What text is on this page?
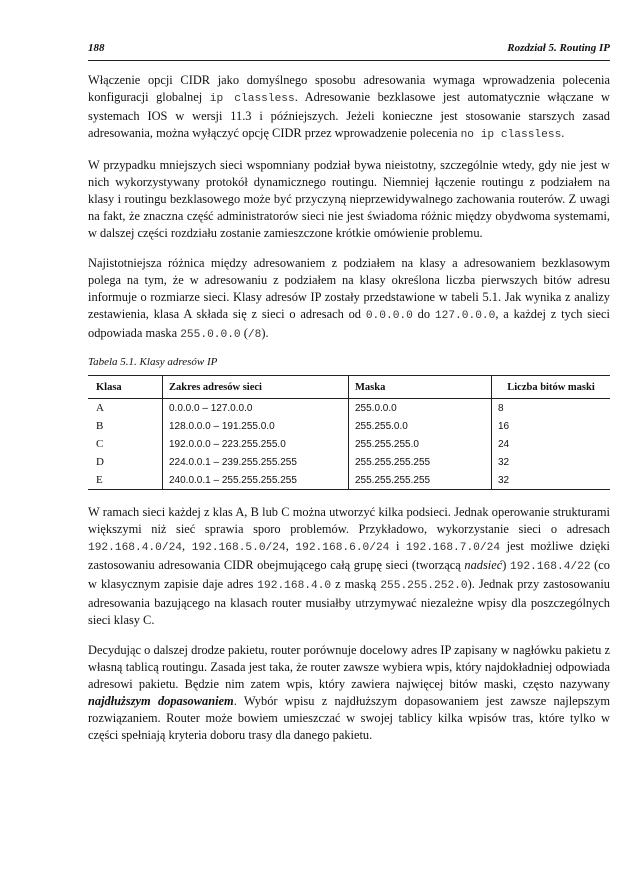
188	Rozdział 5. Routing IP

Włączenie opcji CIDR jako domyślnego sposobu adresowania wymaga wprowadzenia polecenia konfiguracji globalnej ip classless. Adresowanie bezklasowe jest automatycznie włączane w systemach IOS w wersji 11.3 i późniejszych. Jeżeli konieczne jest stosowanie starszych zasad adresowania, można wyłączyć opcję CIDR przez wprowadzenie polecenia no ip classless.

W przypadku mniejszych sieci wspomniany podział bywa nieistotny, szczególnie wtedy, gdy nie jest w nich wykorzystywany protokół dynamicznego routingu. Niemniej łączenie routingu z podziałem na klasy i routingu bezklasowego może być przyczyną nieprzewidywalnego zachowania routerów. Z uwagi na fakt, że znaczna część administratorów sieci nie jest świadoma różnic między obydwoma systemami, w dalszej części rozdziału zostanie zamieszczone krótkie omówienie problemu.

Najistotniejsza różnica między adresowaniem z podziałem na klasy a adresowaniem bezklasowym polega na tym, że w adresowaniu z podziałem na klasy określona liczba pierwszych bitów adresu informuje o rozmiarze sieci. Klasy adresów IP zostały przedstawione w tabeli 5.1. Jak wynika z analizy zestawienia, klasa A składa się z sieci o adresach od 0.0.0.0 do 127.0.0.0, a każdej z tych sieci odpowiada maska 255.0.0.0 (/8).

Tabela 5.1. Klasy adresów IP
Klasa	Zakres adresów sieci	Maska	Liczba bitów maski
A	0.0.0.0 – 127.0.0.0	255.0.0.0	8
B	128.0.0.0 – 191.255.0.0	255.255.0.0	16
C	192.0.0.0 – 223.255.255.0	255.255.255.0	24
D	224.0.0.1 – 239.255.255.255	255.255.255.255	32
E	240.0.0.1 – 255.255.255.255	255.255.255.255	32

W ramach sieci każdej z klas A, B lub C można utworzyć kilka podsieci. Jednak operowanie strukturami większymi niż sieć sprawia sporo problemów. Przykładowo, wykorzystanie sieci o adresach 192.168.4.0/24, 192.168.5.0/24, 192.168.6.0/24 i 192.168.7.0/24 jest możliwe dzięki zastosowaniu adresowania CIDR obejmującego całą grupę sieci (tworzącą nadsieć) 192.168.4/22 (co w klasycznym zapisie daje adres 192.168.4.0 z maską 255.255.252.0). Jednak przy zastosowaniu adresowania bazującego na klasach router musiałby utrzymywać niezależne wpisy dla poszczególnych sieci klasy C.

Decydując o dalszej drodze pakietu, router porównuje docelowy adres IP zapisany w nagłówku pakietu z własną tablicą routingu. Zasada jest taka, że router zawsze wybiera wpis, który najdokładniej odpowiada adresowi pakietu. Będzie nim zatem wpis, który zawiera najwięcej bitów maski, często nazywany najdłuższym dopasowaniem. Wybór wpisu z najdłuższym dopasowaniem jest zawsze najlepszym rozwiązaniem. Router może bowiem umieszczać w swojej tablicy kilka wpisów tras, które tylko w części spełniają kryteria doboru trasy dla danego pakietu.
